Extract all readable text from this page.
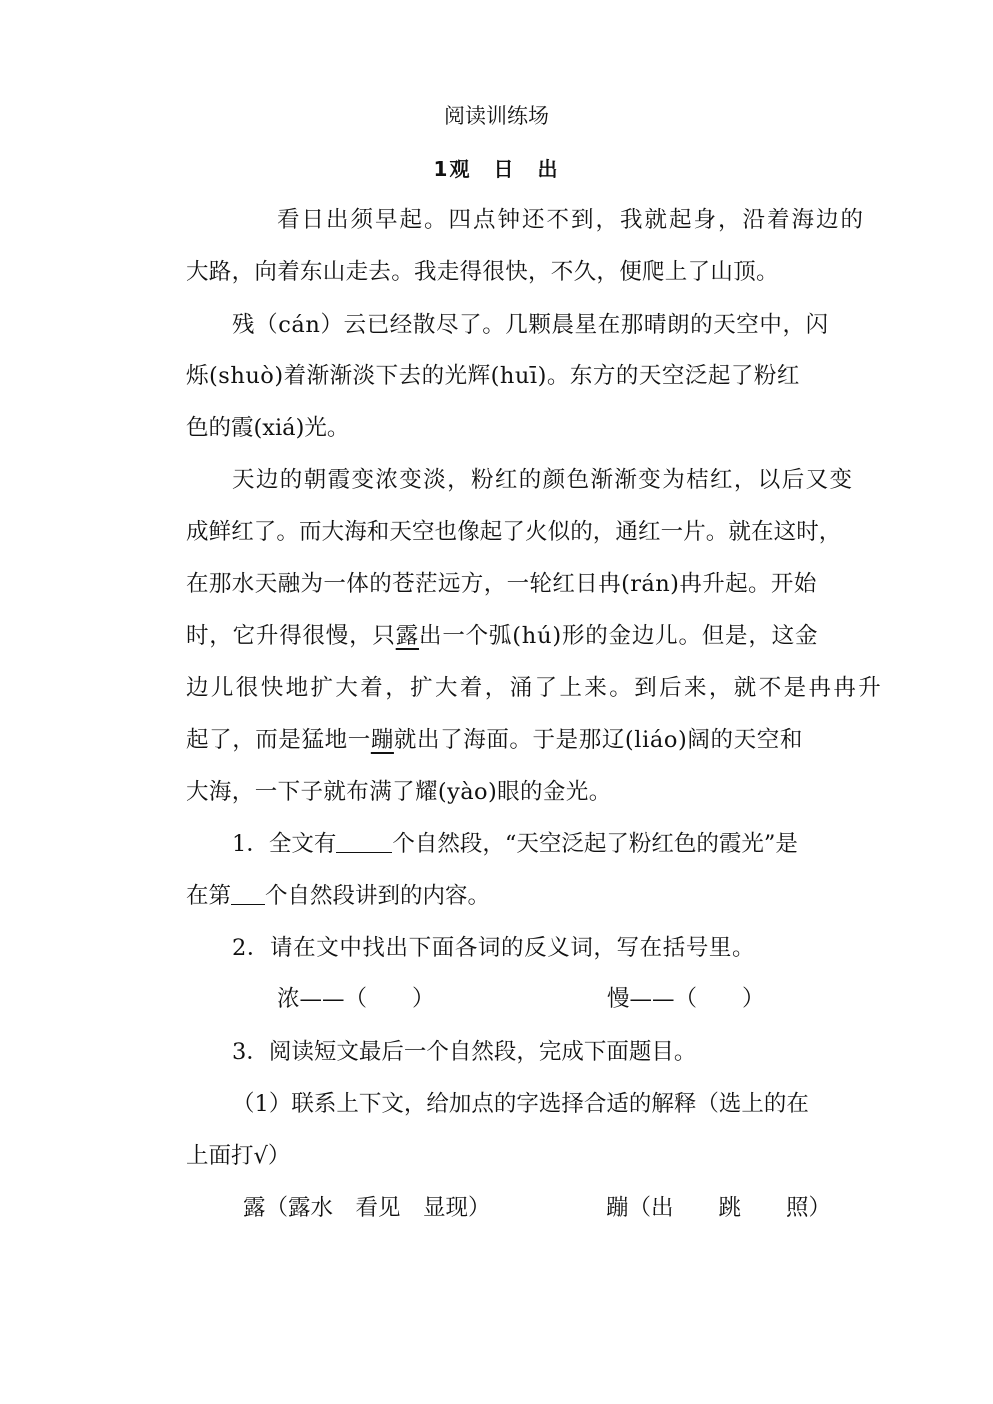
阅读训练场
1观 日 出
看日出须早起。四点钟还不到，我就起身，沿着海边的
大路，向着东山走去。我走得很快，不久，便爬上了山顶。
残（cán）云已经散尽了。几颗晨星在那晴朗的天空中，闪
烁(shuò)着渐渐淡下去的光辉(huī)。东方的天空泛起了粉红
色的霞(xiá)光。
天边的朝霞变浓变淡，粉红的颜色渐渐变为桔红，以后又变
成鲜红了。而大海和天空也像起了火似的，通红一片。就在这时，
在那水天融为一体的苍茫远方，一轮红日冉(rán)冉升起。开始
时，它升得很慢，只露出一个弧(hú)形的金边儿。但是，这金
边儿很快地扩大着，扩大着，涌了上来。到后来，就不是冉冉升
起了，而是猛地一蹦就出了海面。于是那辽(liáo)阔的天空和
大海，一下子就布满了耀(yào)眼的金光。
1．全文有 个自然段，“天空泛起了粉红色的霞光”是
在第 个自然段讲到的内容。
2．请在文中找出下面各词的反义词，写在括号里。
浓——（　　）	慢——（　　）
3．阅读短文最后一个自然段，完成下面题目。
（1）联系上下文，给加点的字选择合适的解释（选上的在
上面打√）
露（露水　看见　显现）	蹦（出　　跳　　照）
